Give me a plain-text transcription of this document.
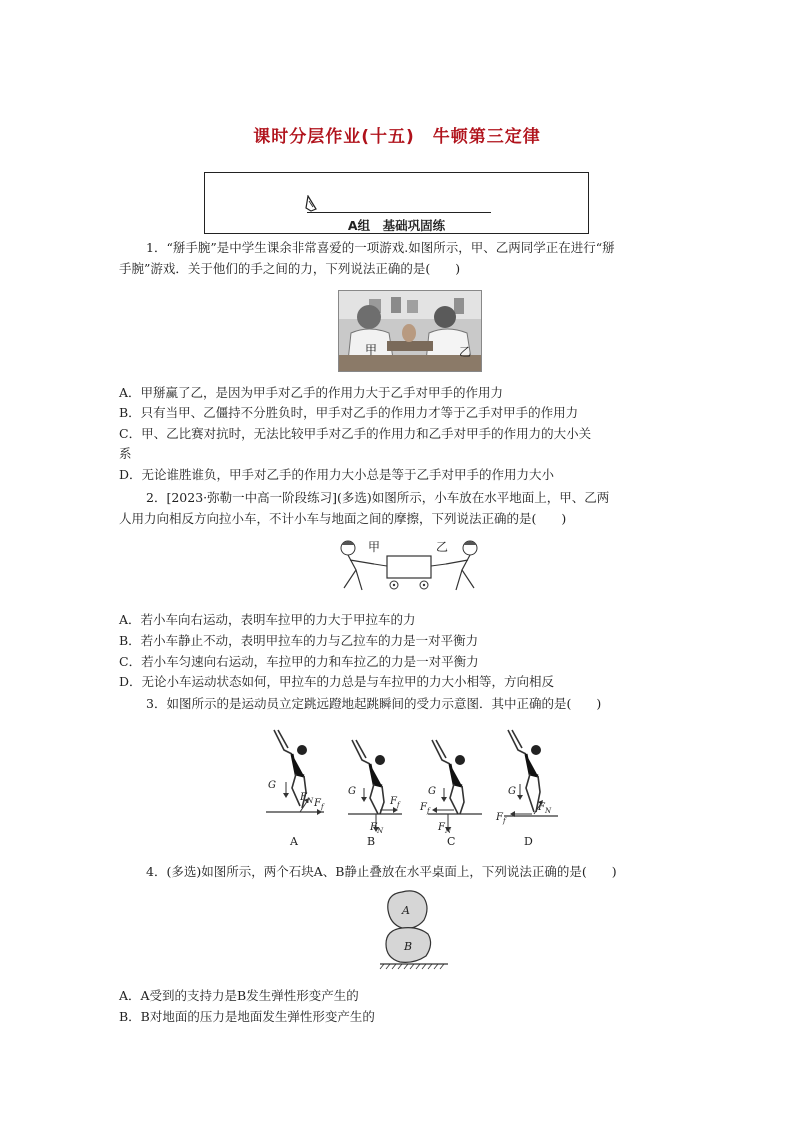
课时分层作业(十五)　牛顿第三定律
A组　基础巩固练
1．“掰手腕”是中学生课余非常喜爱的一项游戏.如图所示，甲、乙两同学正在进行“掰
手腕”游戏．关于他们的手之间的力，下列说法正确的是(　　)
甲	乙
A．甲掰赢了乙，是因为甲手对乙手的作用力大于乙手对甲手的作用力
B．只有当甲、乙僵持不分胜负时，甲手对乙手的作用力才等于乙手对甲手的作用力
C．甲、乙比赛对抗时，无法比较甲手对乙手的作用力和乙手对甲手的作用力的大小关
系
D．无论谁胜谁负，甲手对乙手的作用力大小总是等于乙手对甲手的作用力大小
2．[2023·弥勒一中高一阶段练习](多选)如图所示，小车放在水平地面上，甲、乙两
人用力向相反方向拉小车，不计小车与地面之间的摩擦，下列说法正确的是(　　)
甲	乙
A．若小车向右运动，表明车拉甲的力大于甲拉车的力
B．若小车静止不动，表明甲拉车的力与乙拉车的力是一对平衡力
C．若小车匀速向右运动，车拉甲的力和车拉乙的力是一对平衡力
D．无论小车运动状态如何，甲拉车的力总是与车拉甲的力大小相等，方向相反
3．如图所示的是运动员立定跳远蹬地起跳瞬间的受力示意图．其中正确的是(　　)
G
$F_N$ $F_f$
A
G
$F_f$
$F_N$
B
G
$F_f$
$F_N$
C
G
$F_N$
$F_f$
D
4．(多选)如图所示，两个石块A、B静止叠放在水平桌面上，下列说法正确的是(　　)
A
B
A．A受到的支持力是B发生弹性形变产生的
B．B对地面的压力是地面发生弹性形变产生的
